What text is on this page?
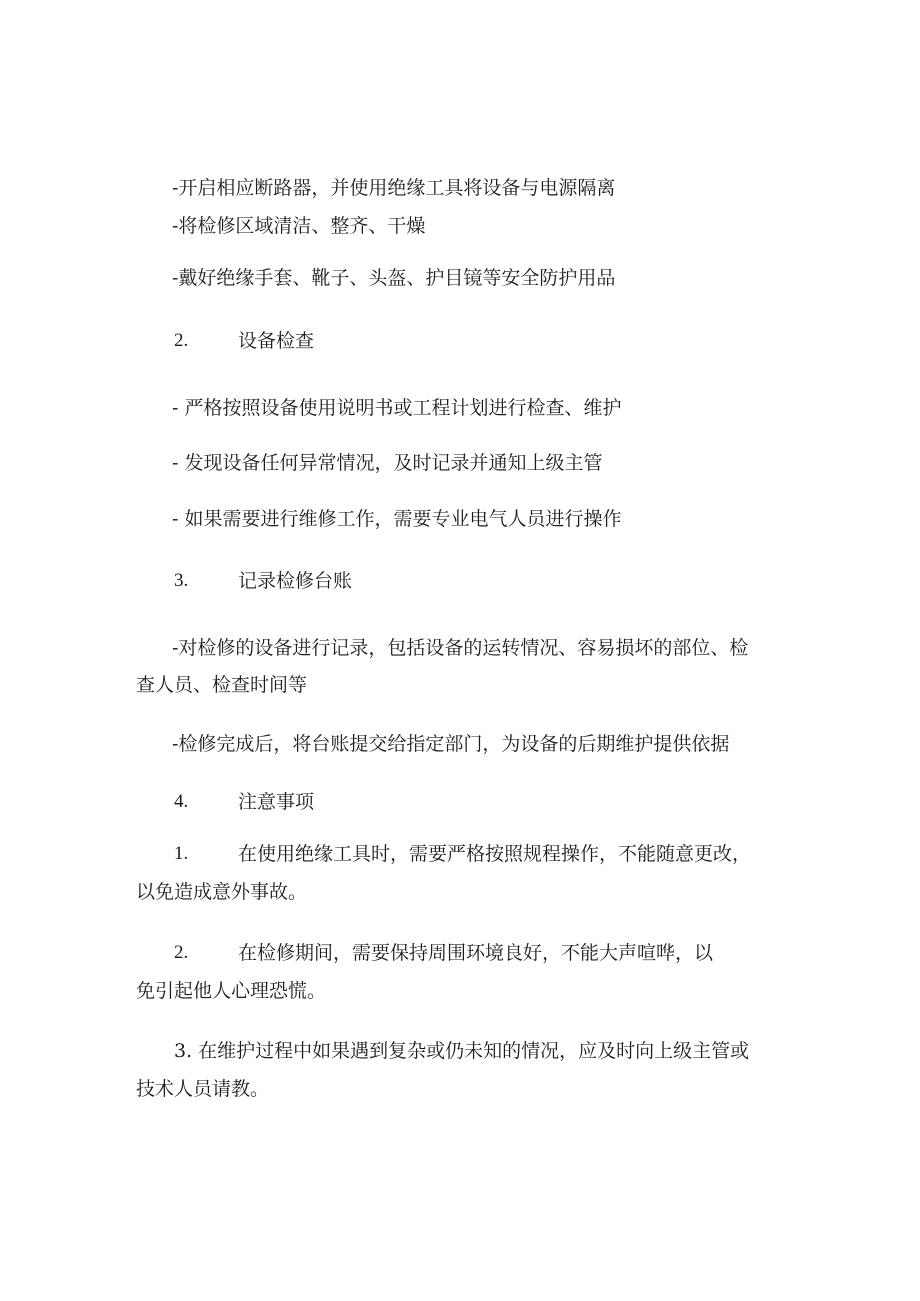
-开启相应断路器，并使用绝缘工具将设备与电源隔离
-将检修区域清洁、整齐、干燥
-戴好绝缘手套、靴子、头盔、护目镜等安全防护用品
2.	设备检查
- 严格按照设备使用说明书或工程计划进行检查、维护
- 发现设备任何异常情况，及时记录并通知上级主管
- 如果需要进行维修工作，需要专业电气人员进行操作
3.	记录检修台账
-对检修的设备进行记录，包括设备的运转情况、容易损坏的部位、检
查人员、检查时间等
-检修完成后，将台账提交给指定部门，为设备的后期维护提供依据
4.	注意事项
1.	在使用绝缘工具时，需要严格按照规程操作，不能随意更改，
以免造成意外事故。
2.	在检修期间，需要保持周围环境良好，不能大声喧哗，以
免引起他人心理恐慌。
3. 在维护过程中如果遇到复杂或仍未知的情况，应及时向上级主管或
技术人员请教。
